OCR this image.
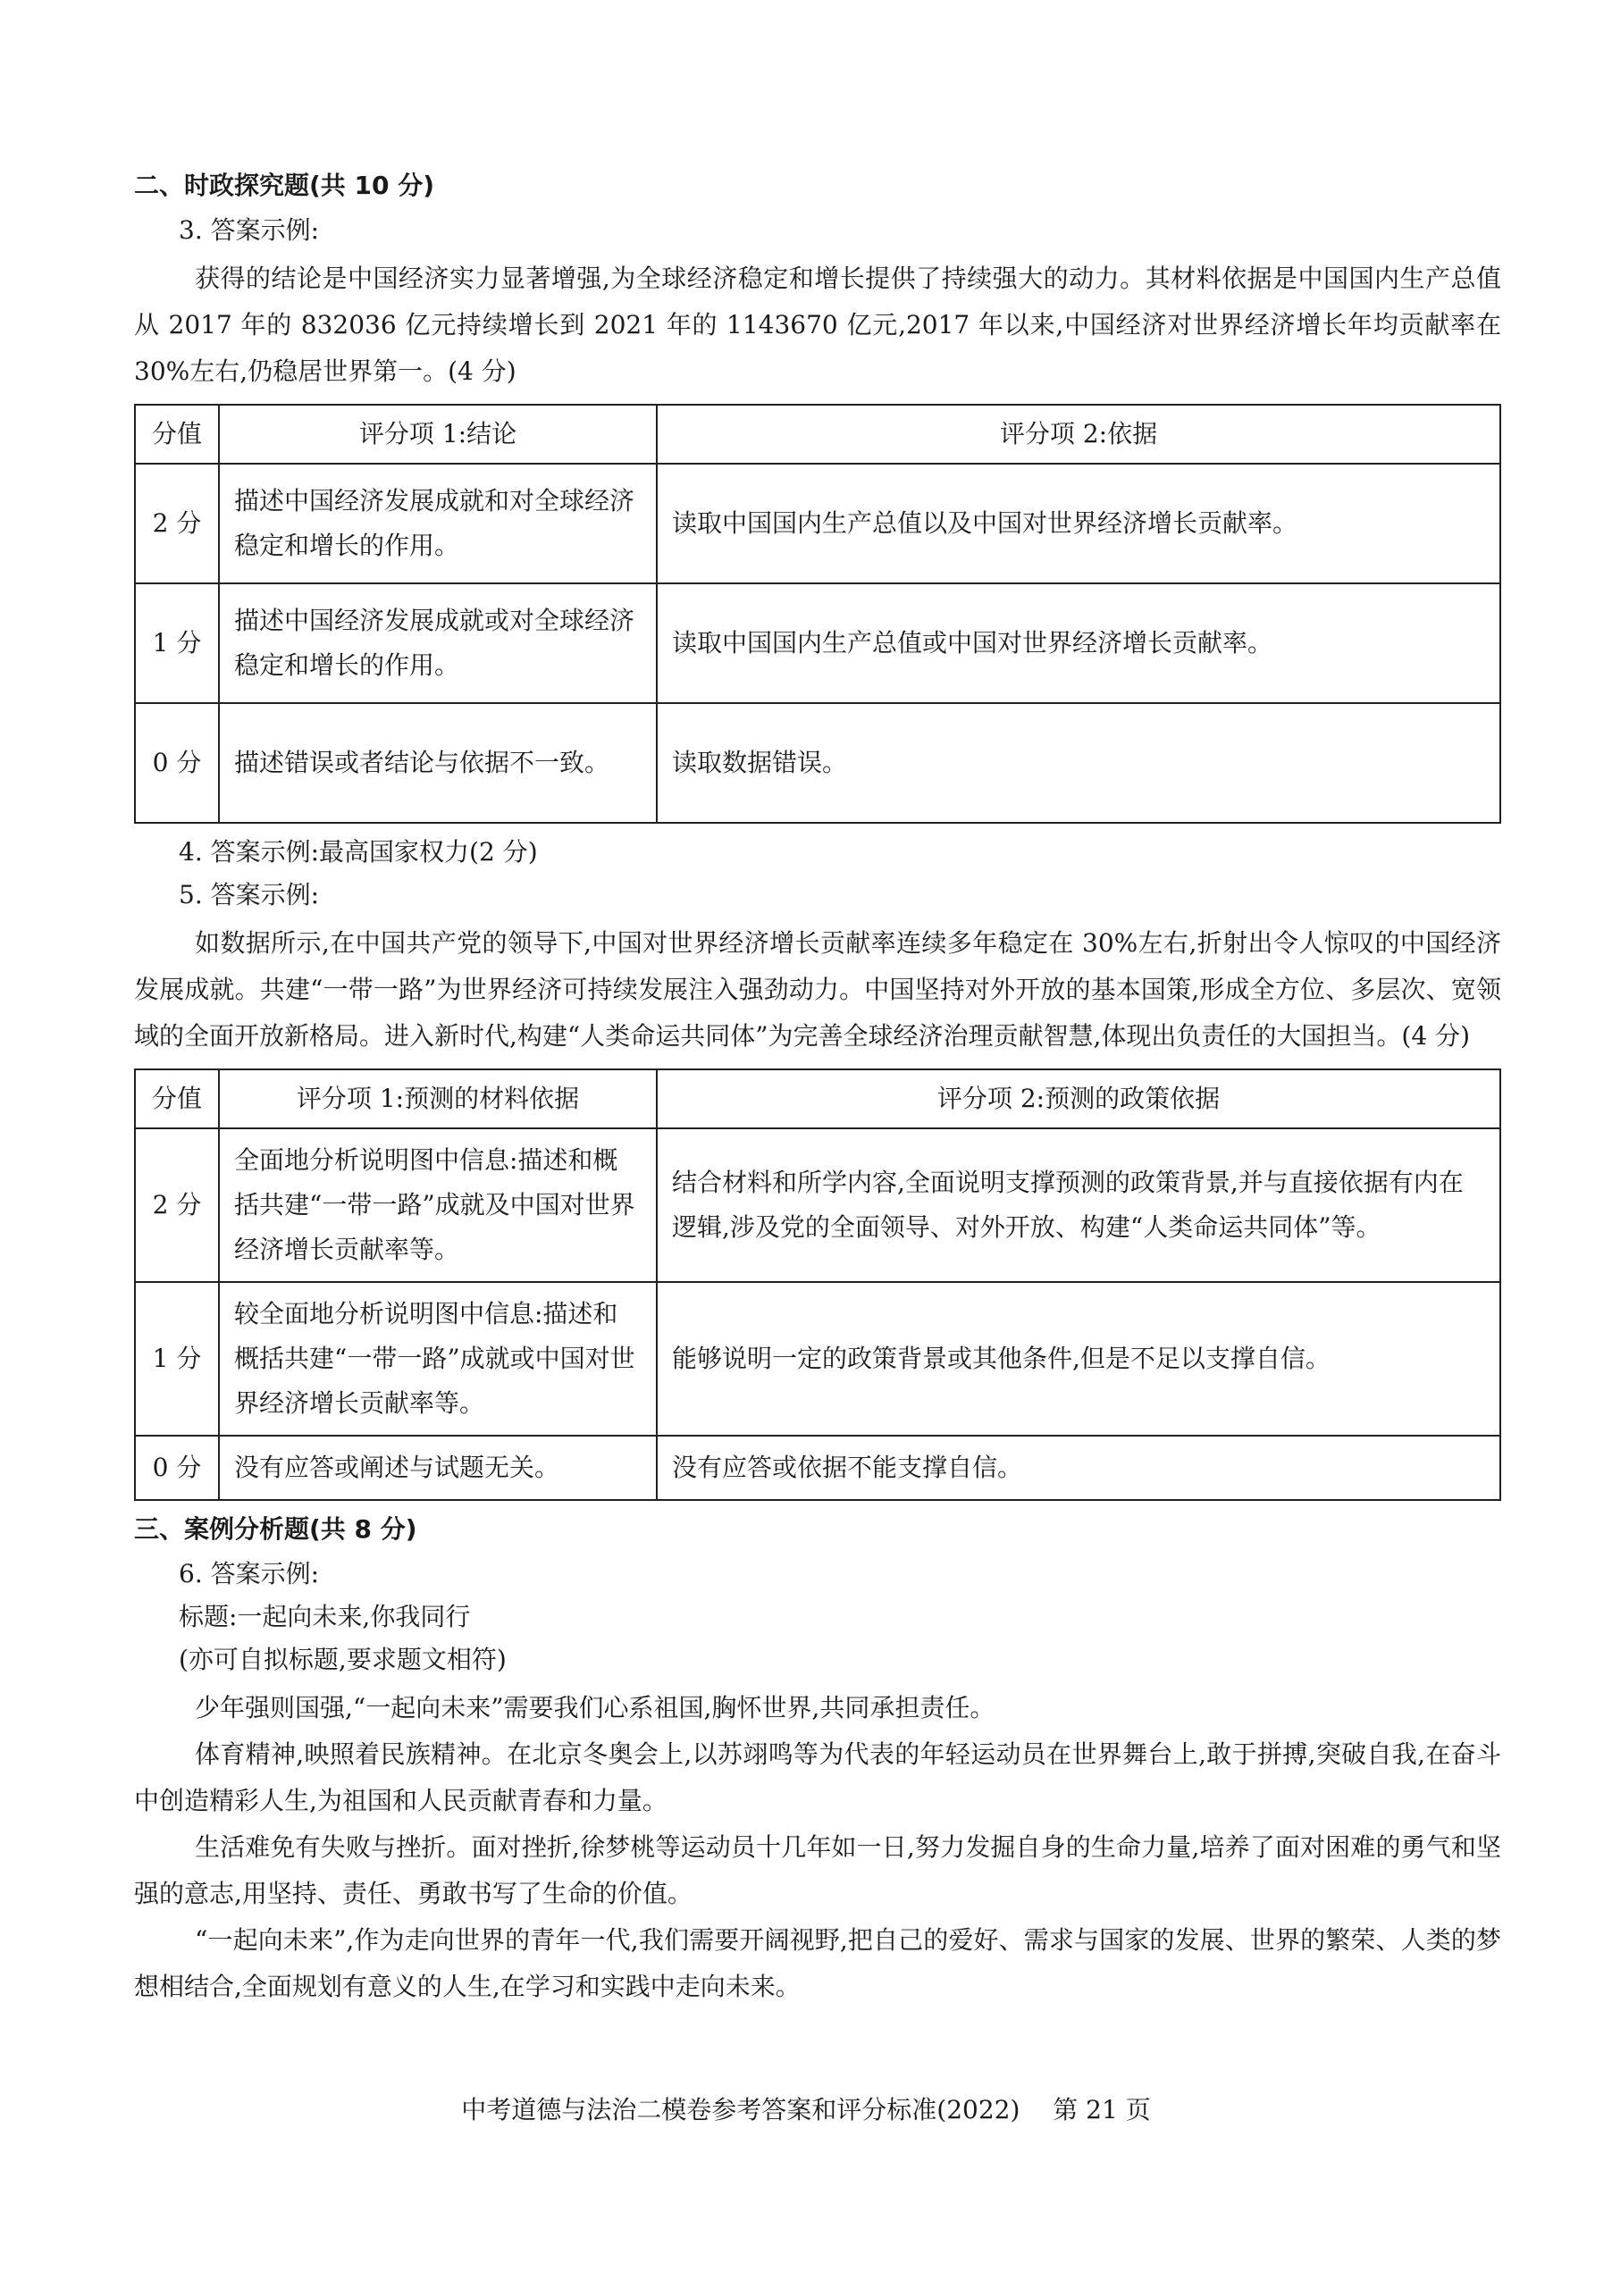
二、时政探究题(共 10 分)
3. 答案示例:

获得的结论是中国经济实力显著增强,为全球经济稳定和增长提供了持续强大的动力。其材料依据是中国国内生产总值从 2017 年的 832036 亿元持续增长到 2021 年的 1143670 亿元,2017 年以来,中国经济对世界经济增长年均贡献率在 30%左右,仍稳居世界第一。(4 分)

分值	评分项 1:结论	评分项 2:依据
2 分	描述中国经济发展成就和对全球经济稳定和增长的作用。	读取中国国内生产总值以及中国对世界经济增长贡献率。
1 分	描述中国经济发展成就或对全球经济稳定和增长的作用。	读取中国国内生产总值或中国对世界经济增长贡献率。
0 分	描述错误或者结论与依据不一致。	读取数据错误。
4. 答案示例:最高国家权力(2 分)
5. 答案示例:

如数据所示,在中国共产党的领导下,中国对世界经济增长贡献率连续多年稳定在 30%左右,折射出令人惊叹的中国经济发展成就。共建“一带一路”为世界经济可持续发展注入强劲动力。中国坚持对外开放的基本国策,形成全方位、多层次、宽领域的全面开放新格局。进入新时代,构建“人类命运共同体”为完善全球经济治理贡献智慧,体现出负责任的大国担当。(4 分)

分值	评分项 1:预测的材料依据	评分项 2:预测的政策依据
2 分	全面地分析说明图中信息:描述和概括共建“一带一路”成就及中国对世界经济增长贡献率等。	结合材料和所学内容,全面说明支撑预测的政策背景,并与直接依据有内在逻辑,涉及党的全面领导、对外开放、构建“人类命运共同体”等。
1 分	较全面地分析说明图中信息:描述和概括共建“一带一路”成就或中国对世界经济增长贡献率等。	能够说明一定的政策背景或其他条件,但是不足以支撑自信。
0 分	没有应答或阐述与试题无关。	没有应答或依据不能支撑自信。
三、案例分析题(共 8 分)
6. 答案示例:
标题:一起向未来,你我同行
(亦可自拟标题,要求题文相符)

少年强则国强,“一起向未来”需要我们心系祖国,胸怀世界,共同承担责任。

体育精神,映照着民族精神。在北京冬奥会上,以苏翊鸣等为代表的年轻运动员在世界舞台上,敢于拼搏,突破自我,在奋斗中创造精彩人生,为祖国和人民贡献青春和力量。

生活难免有失败与挫折。面对挫折,徐梦桃等运动员十几年如一日,努力发掘自身的生命力量,培养了面对困难的勇气和坚强的意志,用坚持、责任、勇敢书写了生命的价值。

“一起向未来”,作为走向世界的青年一代,我们需要开阔视野,把自己的爱好、需求与国家的发展、世界的繁荣、人类的梦想相结合,全面规划有意义的人生,在学习和实践中走向未来。

中考道德与法治二模卷参考答案和评分标准(2022) 第 21 页
